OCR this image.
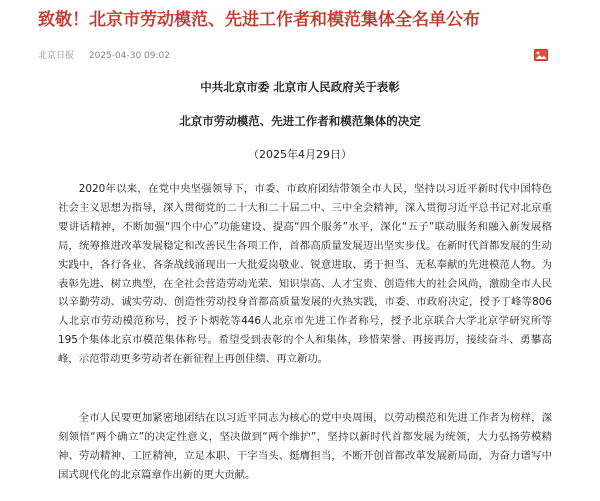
致敬！北京市劳动模范、先进工作者和模范集体全名单公布
北京日报 2025-04-30 09:02
中共北京市委 北京市人民政府关于表彰
北京市劳动模范、先进工作者和模范集体的决定
（2025年4月29日）

2020年以来，在党中央坚强领导下，市委、市政府团结带领全市人民，坚持以习近平新时代中国特色社会主义思想为指导，深入贯彻党的二十大和二十届二中、三中全会精神，深入贯彻习近平总书记对北京重要讲话精神，不断加强“四个中心”功能建设、提高“四个服务”水平，深化“五子”联动服务和融入新发展格局，统筹推进改革发展稳定和改善民生各项工作，首都高质量发展迈出坚实步伐。在新时代首都发展的生动实践中，各行各业、各条战线涌现出一大批爱岗敬业、锐意进取、勇于担当、无私奉献的先进模范人物。为表彰先进、树立典型，在全社会营造劳动光荣、知识崇高、人才宝贵、创造伟大的社会风尚，激励全市人民以辛勤劳动、诚实劳动、创造性劳动投身首都高质量发展的火热实践，市委、市政府决定，授予丁峰等806人北京市劳动模范称号，授予卜炳乾等446人北京市先进工作者称号，授予北京联合大学北京学研究所等195个集体北京市模范集体称号。希望受到表彰的个人和集体，珍惜荣誉、再接再厉，接续奋斗、勇攀高峰，示范带动更多劳动者在新征程上再创佳绩、再立新功。

全市人民要更加紧密地团结在以习近平同志为核心的党中央周围，以劳动模范和先进工作者为榜样，深刻领悟“两个确立”的决定性意义，坚决做到“两个维护”，坚持以新时代首都发展为统领，大力弘扬劳模精神、劳动精神、工匠精神，立足本职、干字当头、挺膺担当，不断开创首都改革发展新局面，为奋力谱写中国式现代化的北京篇章作出新的更大贡献。
